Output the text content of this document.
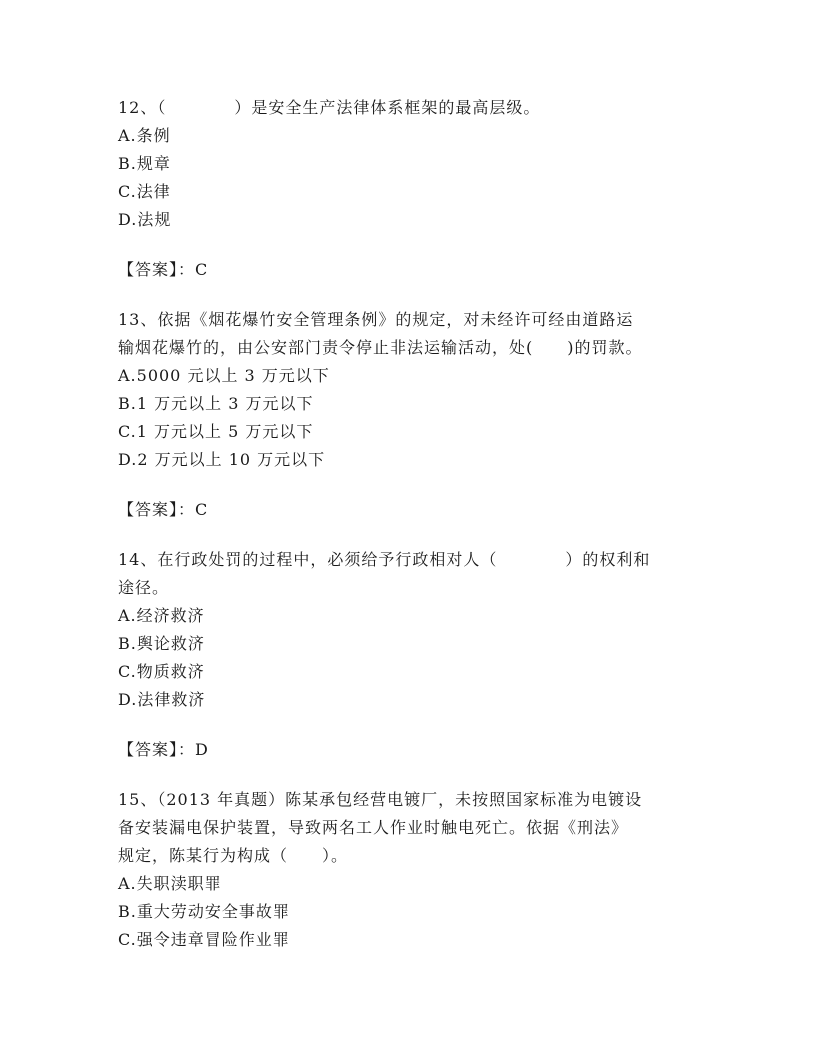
12、（　　　　）是安全生产法律体系框架的最高层级。
A.条例
B.规章
C.法律
D.法规
【答案】：C
13、依据《烟花爆竹安全管理条例》的规定，对未经许可经由道路运
输烟花爆竹的，由公安部门责令停止非法运输活动，处(　　)的罚款。
A.5000 元以上 3 万元以下
B.1 万元以上 3 万元以下
C.1 万元以上 5 万元以下
D.2 万元以上 10 万元以下
【答案】：C
14、在行政处罚的过程中，必须给予行政相对人（　　　　）的权利和
途径。
A.经济救济
B.舆论救济
C.物质救济
D.法律救济
【答案】：D
15、（2013 年真题）陈某承包经营电镀厂，未按照国家标准为电镀设
备安装漏电保护装置，导致两名工人作业时触电死亡。依据《刑法》
规定，陈某行为构成（　　）。
A.失职渎职罪
B.重大劳动安全事故罪
C.强令违章冒险作业罪
